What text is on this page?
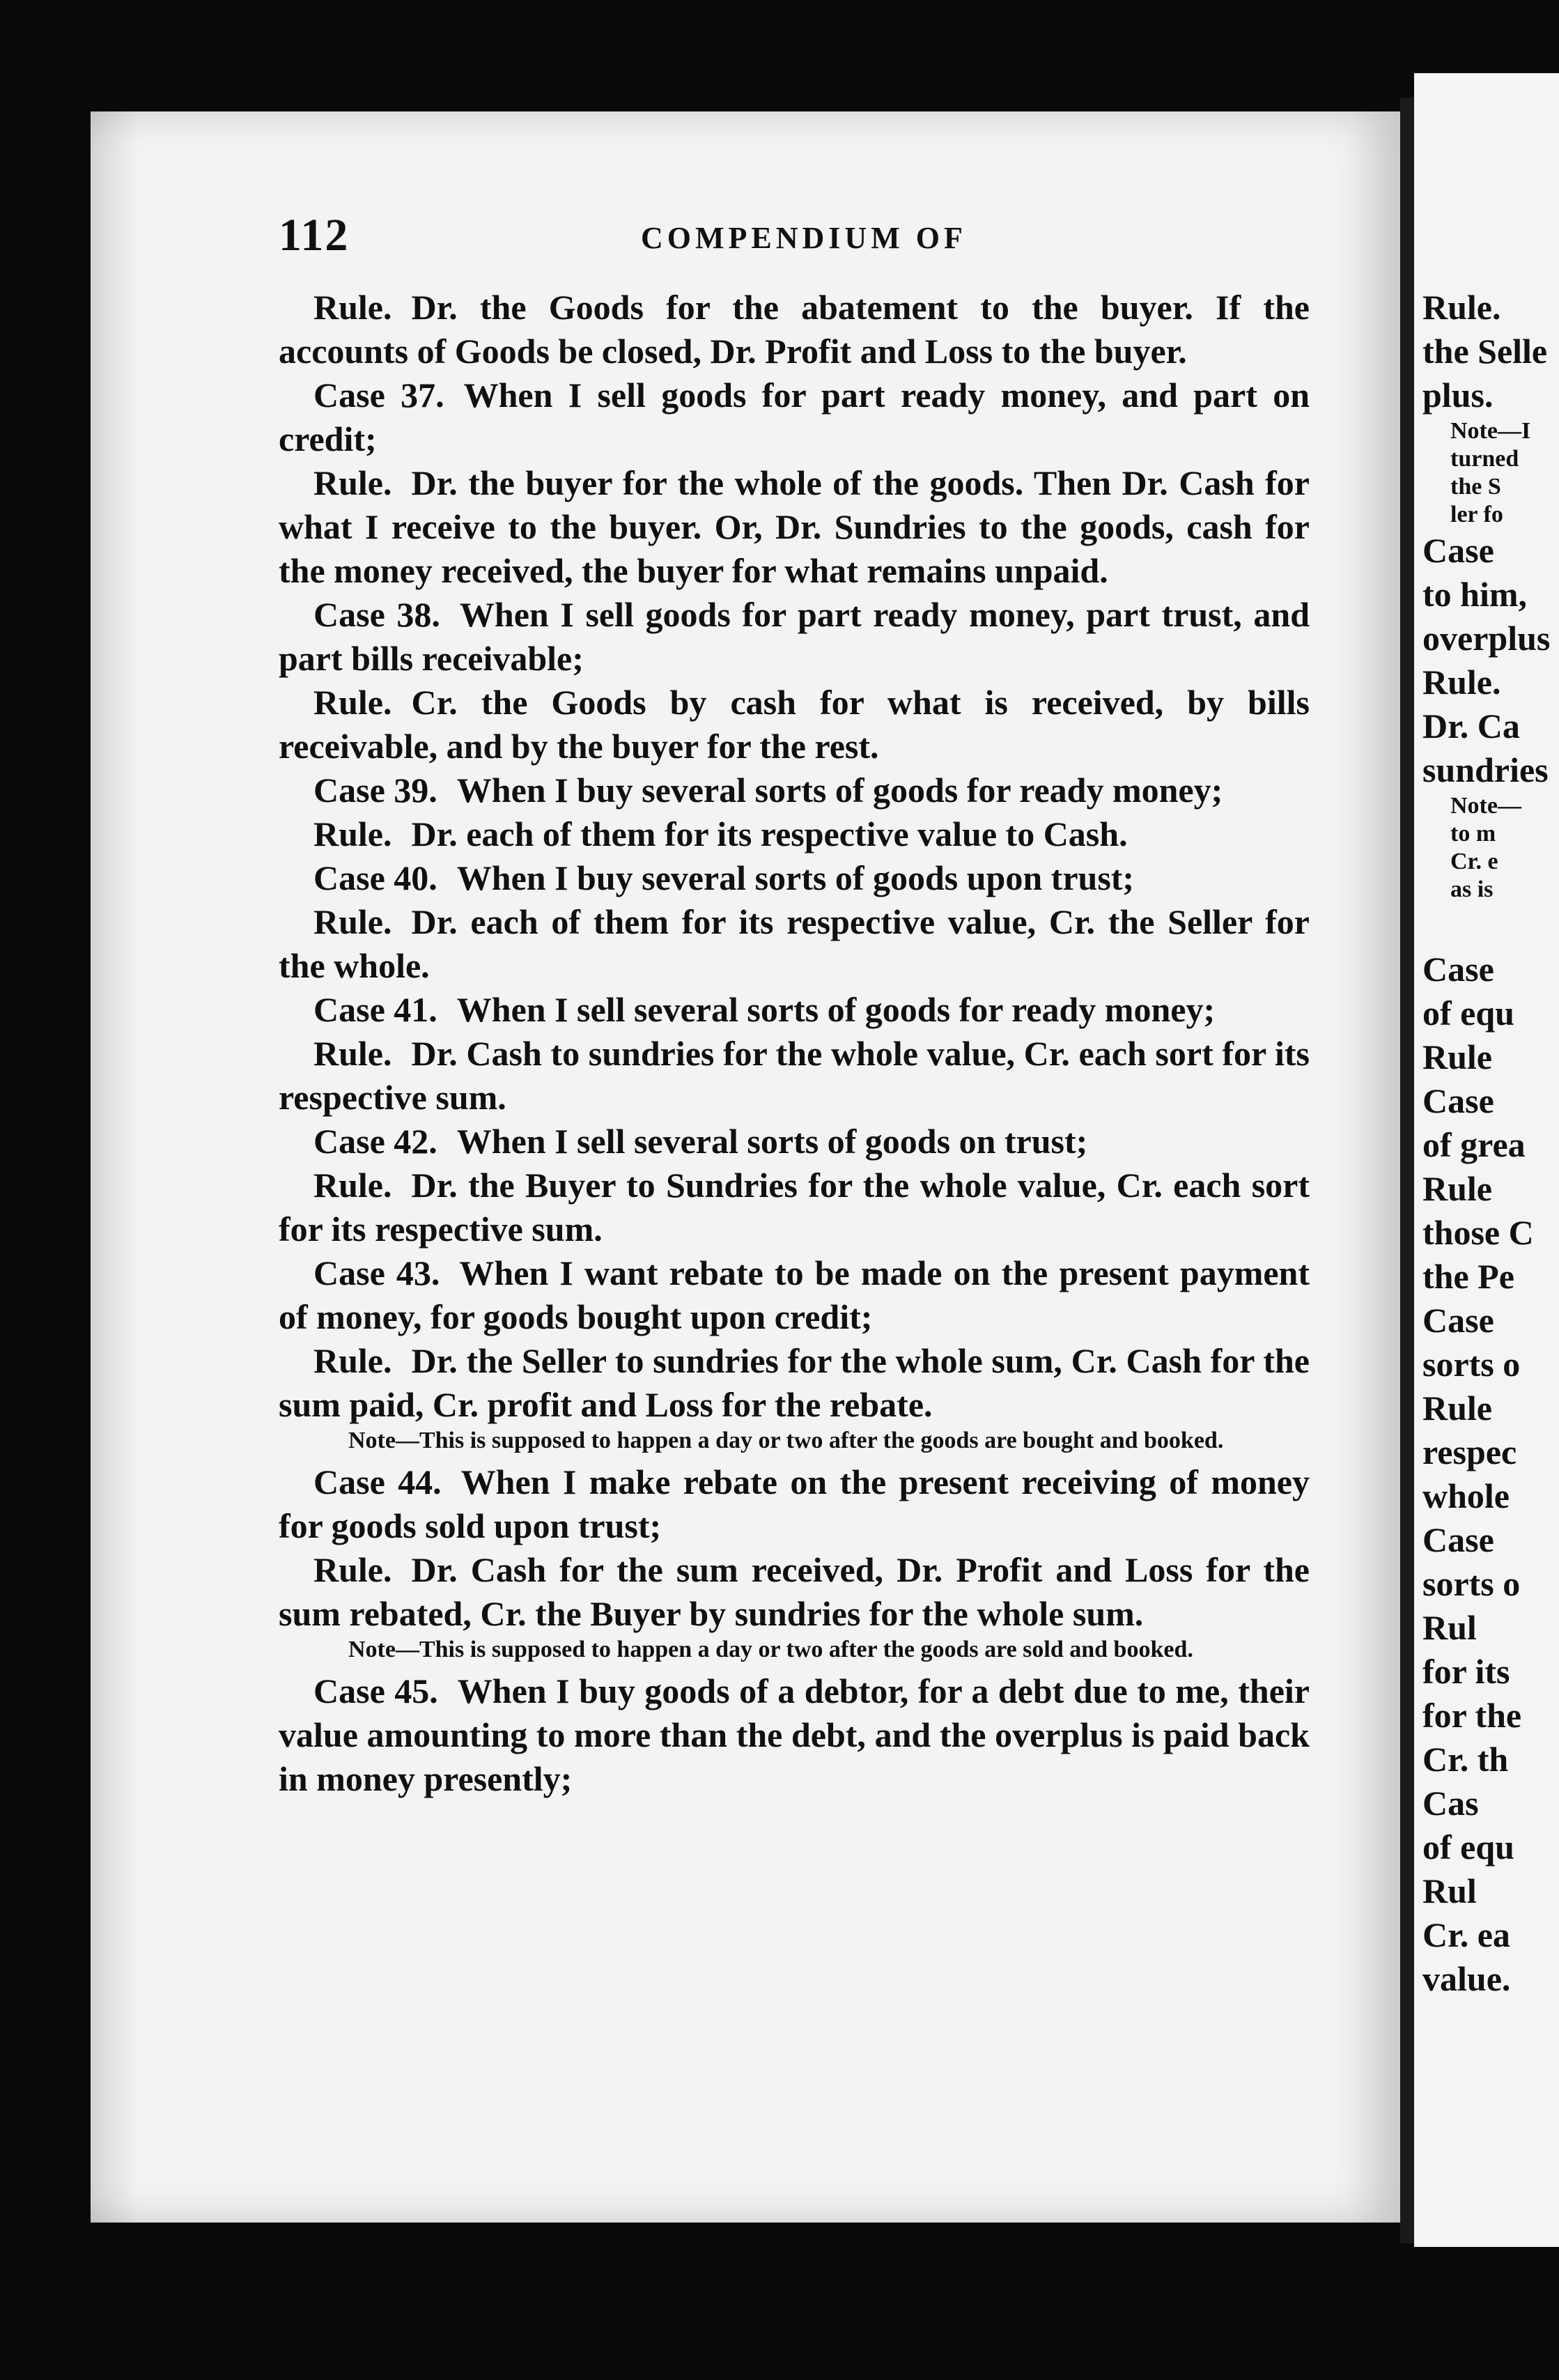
Rule.
the Selle
plus.
Note—I
turned
the S
ler fo
Case
to him,
overplus
Rule.
Dr. Ca
sundries
Note—
to m
Cr. e
as is
Case
of equ
Rule
Case
of grea
Rule
those C
the Pe
Case
sorts o
Rule
respec
whole
Case
sorts o
Rul
for its
for the
Cr. th
Cas
of equ
Rul
Cr. ea
value.
112	COMPENDIUM OF

Rule. Dr. the Goods for the abatement to the buyer. If the accounts of Goods be closed, Dr. Profit and Loss to the buyer.

Case 37. When I sell goods for part ready money, and part on credit;

Rule. Dr. the buyer for the whole of the goods. Then Dr. Cash for what I receive to the buyer. Or, Dr. Sundries to the goods, cash for the money received, the buyer for what remains unpaid.

Case 38. When I sell goods for part ready money, part trust, and part bills receivable;

Rule. Cr. the Goods by cash for what is received, by bills receivable, and by the buyer for the rest.

Case 39. When I buy several sorts of goods for ready money;

Rule. Dr. each of them for its respective value to Cash.

Case 40. When I buy several sorts of goods upon trust;

Rule. Dr. each of them for its respective value, Cr. the Seller for the whole.

Case 41. When I sell several sorts of goods for ready money;

Rule. Dr. Cash to sundries for the whole value, Cr. each sort for its respective sum.

Case 42. When I sell several sorts of goods on trust;

Rule. Dr. the Buyer to Sundries for the whole value, Cr. each sort for its respective sum.

Case 43. When I want rebate to be made on the present payment of money, for goods bought upon credit;

Rule. Dr. the Seller to sundries for the whole sum, Cr. Cash for the sum paid, Cr. profit and Loss for the rebate.

Note—This is supposed to happen a day or two after the goods are bought and booked.

Case 44. When I make rebate on the present receiving of money for goods sold upon trust;

Rule. Dr. Cash for the sum received, Dr. Profit and Loss for the sum rebated, Cr. the Buyer by sundries for the whole sum.

Note—This is supposed to happen a day or two after the goods are sold and booked.

Case 45. When I buy goods of a debtor, for a debt due to me, their value amounting to more than the debt, and the overplus is paid back in money presently;
